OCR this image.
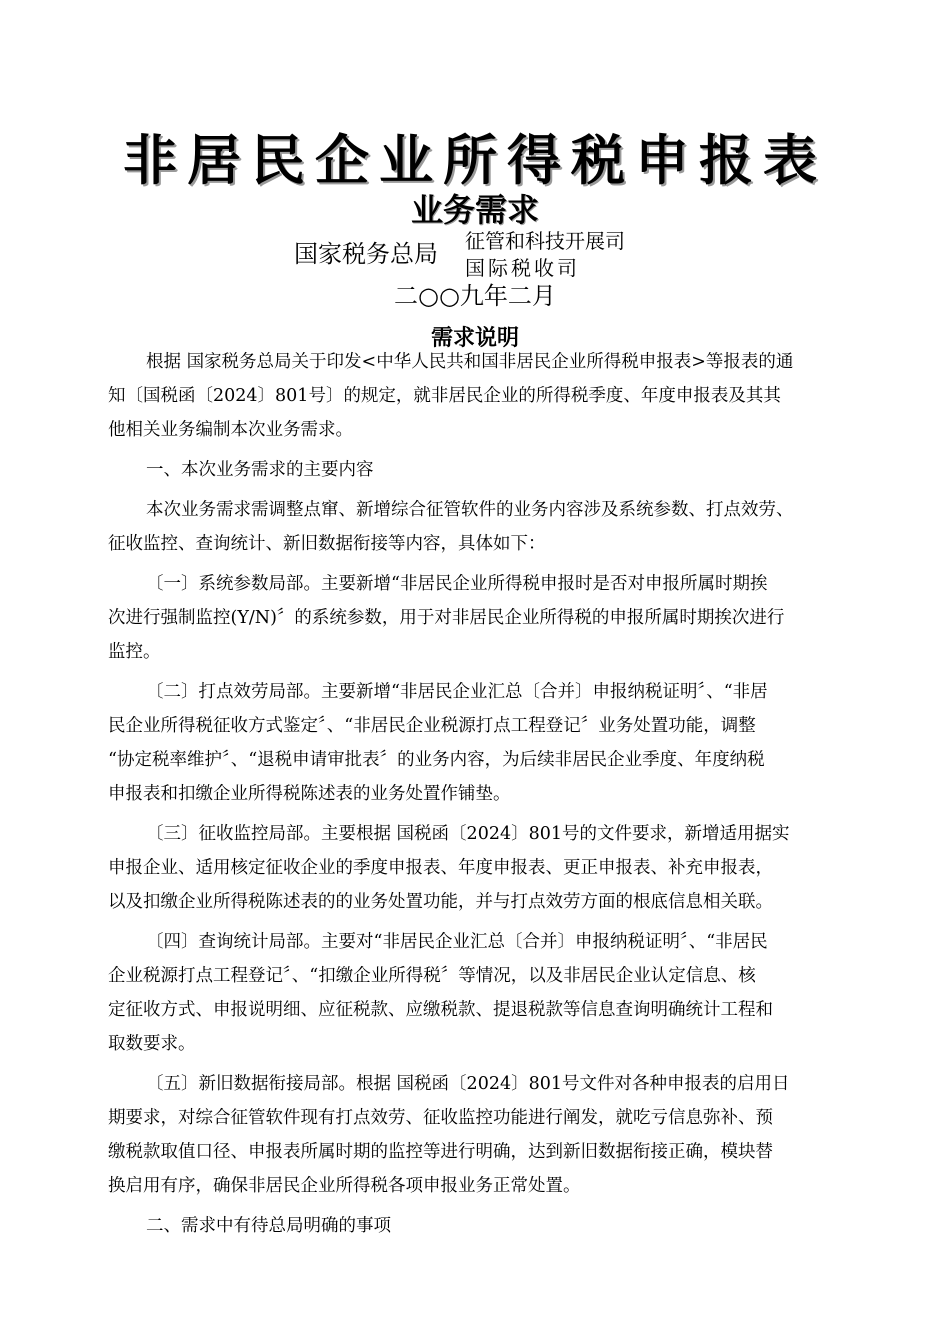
非居民企业所得税申报表
业务需求
国家税务总局 征管和科技开展司
国际税收司
二○○九年二月
需求说明

根据 国家税务总局关于印发<中华人民共和国非居民企业所得税申报表>等报表的通

知〔国税函〔2024〕801号〕的规定，就非居民企业的所得税季度、年度申报表及其其

他相关业务编制本次业务需求。

一、本次业务需求的主要内容

本次业务需求需调整点窜、新增综合征管软件的业务内容涉及系统参数、打点效劳、

征收监控、查询统计、新旧数据衔接等内容，具体如下：

〔一〕系统参数局部。主要新增“非居民企业所得税申报时是否对申报所属时期挨

次进行强制监控(Y/N)〞的系统参数，用于对非居民企业所得税的申报所属时期挨次进行

监控。

〔二〕打点效劳局部。主要新增“非居民企业汇总〔合并〕申报纳税证明〞、“非居

民企业所得税征收方式鉴定〞、“非居民企业税源打点工程登记〞业务处置功能，调整

“协定税率维护〞、“退税申请审批表〞的业务内容，为后续非居民企业季度、年度纳税

申报表和扣缴企业所得税陈述表的业务处置作铺垫。

〔三〕征收监控局部。主要根据 国税函〔2024〕801号的文件要求，新增适用据实

申报企业、适用核定征收企业的季度申报表、年度申报表、更正申报表、补充申报表，

以及扣缴企业所得税陈述表的的业务处置功能，并与打点效劳方面的根底信息相关联。

〔四〕查询统计局部。主要对“非居民企业汇总〔合并〕申报纳税证明〞、“非居民

企业税源打点工程登记〞、“扣缴企业所得税〞等情况，以及非居民企业认定信息、核

定征收方式、申报说明细、应征税款、应缴税款、提退税款等信息查询明确统计工程和

取数要求。

〔五〕新旧数据衔接局部。根据 国税函〔2024〕801号文件对各种申报表的启用日

期要求，对综合征管软件现有打点效劳、征收监控功能进行阐发，就吃亏信息弥补、预

缴税款取值口径、申报表所属时期的监控等进行明确，达到新旧数据衔接正确，模块替

换启用有序，确保非居民企业所得税各项申报业务正常处置。

二、需求中有待总局明确的事项
